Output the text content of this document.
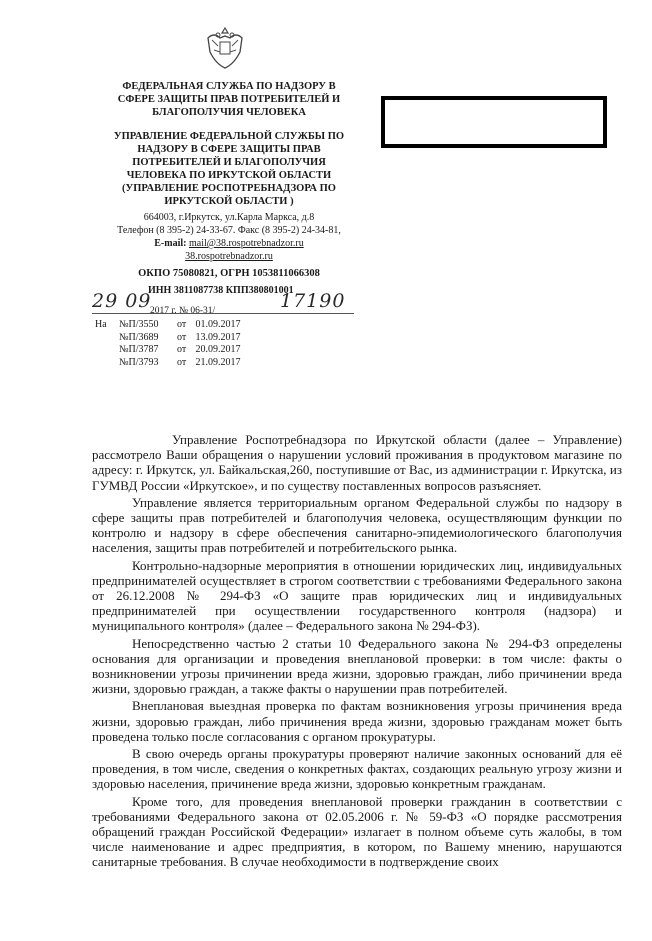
ФЕДЕРАЛЬНАЯ СЛУЖБА ПО НАДЗОРУ В
СФЕРЕ ЗАЩИТЫ ПРАВ ПОТРЕБИТЕЛЕЙ И
БЛАГОПОЛУЧИЯ ЧЕЛОВЕКА
УПРАВЛЕНИЕ ФЕДЕРАЛЬНОЙ СЛУЖБЫ ПО
НАДЗОРУ В СФЕРЕ ЗАЩИТЫ ПРАВ
ПОТРЕБИТЕЛЕЙ И БЛАГОПОЛУЧИЯ
ЧЕЛОВЕКА ПО ИРКУТСКОЙ ОБЛАСТИ
(УПРАВЛЕНИЕ РОСПОТРЕБНАДЗОРА ПО
ИРКУТСКОЙ ОБЛАСТИ )
664003, г.Иркутск, ул.Карла Маркса, д.8
Телефон (8 395-2) 24-33-67. Факс (8 395-2) 24-34-81,
E-mail: mail@38.rospotrebnadzor.ru
38.rospotrebnadzor.ru
ОКПО 75080821, ОГРН 1053811066308
ИНН 3811087738 КПП380801001
29 09
2017 г. № 06-31/	17190
На №П/3550 от 01.09.2017
№П/3689 от 13.09.2017
№П/3787 от 20.09.2017
№П/3793 от 21.09.2017

Управление Роспотребнадзора по Иркутской области (далее – Управление) рассмотрело Ваши обращения о нарушении условий проживания в продуктовом магазине по адресу: г. Иркутск, ул. Байкальская,260, поступившие от Вас, из администрации г. Иркутска, из ГУМВД России «Иркутское», и по существу поставленных вопросов разъясняет.

Управление является территориальным органом Федеральной службы по надзору в сфере защиты прав потребителей и благополучия человека, осуществляющим функции по контролю и надзору в сфере обеспечения санитарно-эпидемиологического благополучия населения, защиты прав потребителей и потребительского рынка.

Контрольно-надзорные мероприятия в отношении юридических лиц, индивидуальных предпринимателей осуществляет в строгом соответствии с требованиями Федерального закона от 26.12.2008 № 294-ФЗ «О защите прав юридических лиц и индивидуальных предпринимателей при осуществлении государственного контроля (надзора) и муниципального контроля» (далее – Федерального закона № 294-ФЗ).

Непосредственно частью 2 статьи 10 Федерального закона № 294-ФЗ определены основания для организации и проведения внеплановой проверки: в том числе: факты о возникновении угрозы причинении вреда жизни, здоровью граждан, либо причинении вреда жизни, здоровью граждан, а также факты о нарушении прав потребителей.

Внеплановая выездная проверка по фактам возникновения угрозы причинения вреда жизни, здоровью граждан, либо причинения вреда жизни, здоровью гражданам может быть проведена только после согласования с органом прокуратуры.

В свою очередь органы прокуратуры проверяют наличие законных оснований для её проведения, в том числе, сведения о конкретных фактах, создающих реальную угрозу жизни и здоровью населения, причинение вреда жизни, здоровью конкретным гражданам.

Кроме того, для проведения внеплановой проверки гражданин в соответствии с требованиями Федерального закона от 02.05.2006 г. № 59-ФЗ «О порядке рассмотрения обращений граждан Российской Федерации» излагает в полном объеме суть жалобы, в том числе наименование и адрес предприятия, в котором, по Вашему мнению, нарушаются санитарные требования. В случае необходимости в подтверждение своих
